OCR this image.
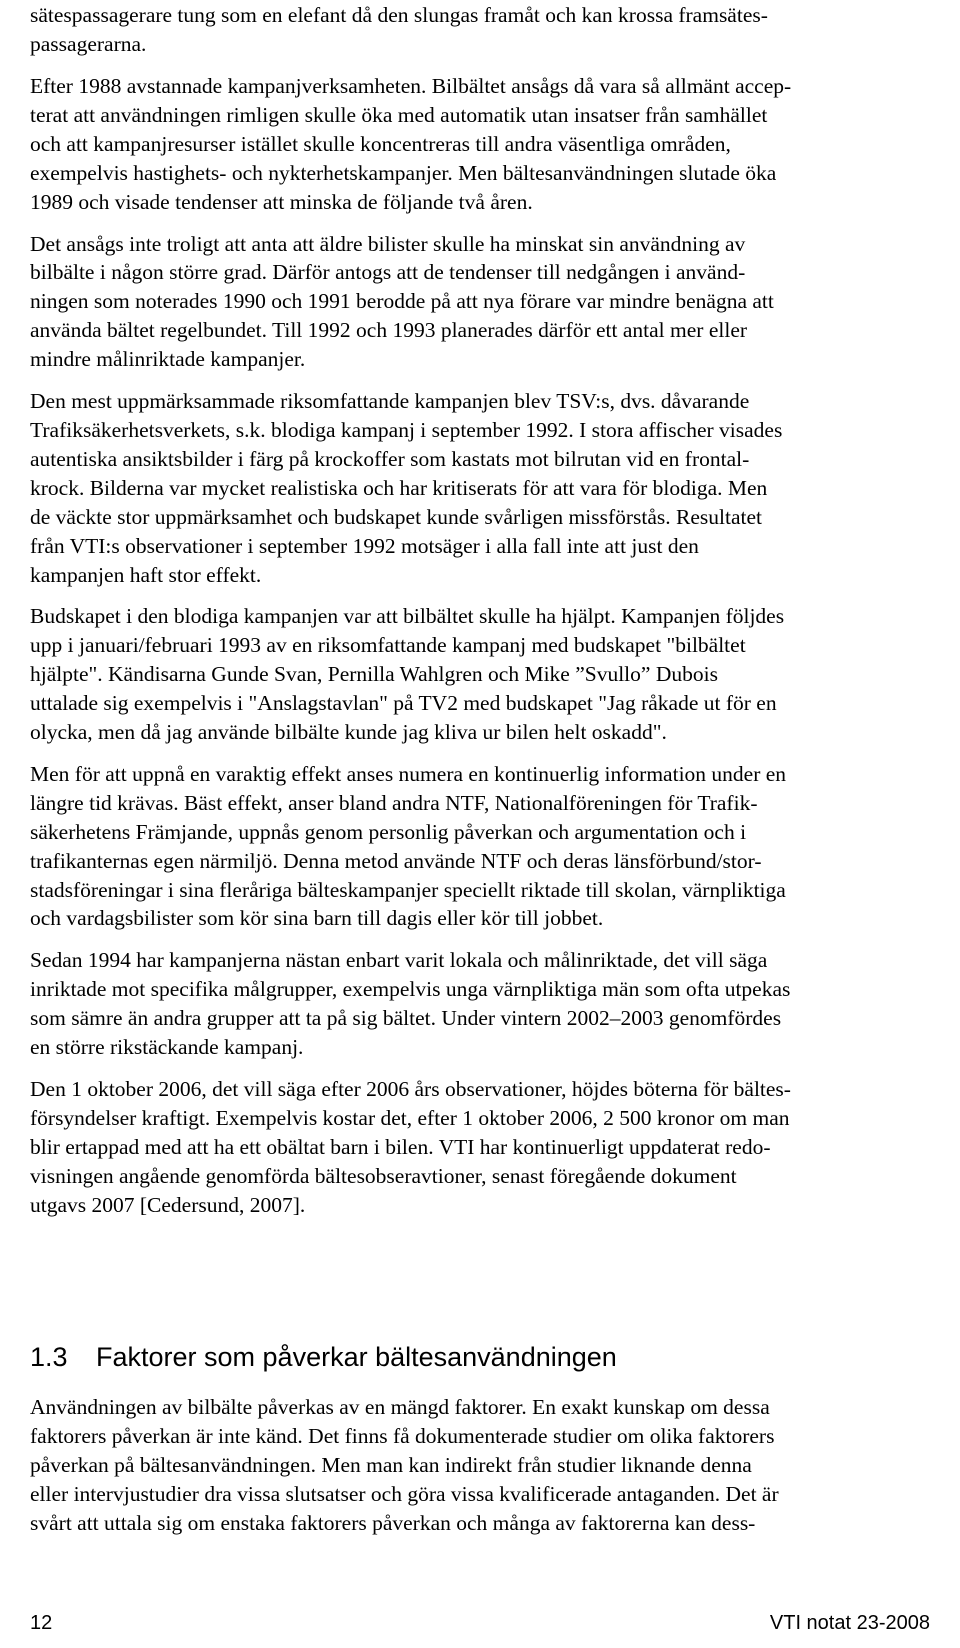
sätespassagerare tung som en elefant då den slungas framåt och kan krossa framsätes-
passagerarna.

Efter 1988 avstannade kampanjverksamheten. Bilbältet ansågs då vara så allmänt accep-
terat att användningen rimligen skulle öka med automatik utan insatser från samhället
och att kampanjresurser istället skulle koncentreras till andra väsentliga områden,
exempelvis hastighets- och nykterhetskampanjer. Men bältesanvändningen slutade öka
1989 och visade tendenser att minska de följande två åren.

Det ansågs inte troligt att anta att äldre bilister skulle ha minskat sin användning av
bilbälte i någon större grad. Därför antogs att de tendenser till nedgången i använd-
ningen som noterades 1990 och 1991 berodde på att nya förare var mindre benägna att
använda bältet regelbundet. Till 1992 och 1993 planerades därför ett antal mer eller
mindre målinriktade kampanjer.

Den mest uppmärksammade riksomfattande kampanjen blev TSV:s, dvs. dåvarande
Trafiksäkerhetsverkets, s.k. blodiga kampanj i september 1992. I stora affischer visades
autentiska ansiktsbilder i färg på krockoffer som kastats mot bilrutan vid en frontal-
krock. Bilderna var mycket realistiska och har kritiserats för att vara för blodiga. Men
de väckte stor uppmärksamhet och budskapet kunde svårligen missförstås. Resultatet
från VTI:s observationer i september 1992 motsäger i alla fall inte att just den
kampanjen haft stor effekt.

Budskapet i den blodiga kampanjen var att bilbältet skulle ha hjälpt. Kampanjen följdes
upp i januari/februari 1993 av en riksomfattande kampanj med budskapet "bilbältet
hjälpte". Kändisarna Gunde Svan, Pernilla Wahlgren och Mike ”Svullo” Dubois
uttalade sig exempelvis i "Anslagstavlan" på TV2 med budskapet "Jag råkade ut för en
olycka, men då jag använde bilbälte kunde jag kliva ur bilen helt oskadd".

Men för att uppnå en varaktig effekt anses numera en kontinuerlig information under en
längre tid krävas. Bäst effekt, anser bland andra NTF, Nationalföreningen för Trafik-
säkerhetens Främjande, uppnås genom personlig påverkan och argumentation och i
trafikanternas egen närmiljö. Denna metod använde NTF och deras länsförbund/stor-
stadsföreningar i sina fleråriga bälteskampanjer speciellt riktade till skolan, värnpliktiga
och vardagsbilister som kör sina barn till dagis eller kör till jobbet.

Sedan 1994 har kampanjerna nästan enbart varit lokala och målinriktade, det vill säga
inriktade mot specifika målgrupper, exempelvis unga värnpliktiga män som ofta utpekas
som sämre än andra grupper att ta på sig bältet. Under vintern 2002–2003 genomfördes
en större rikstäckande kampanj.

Den 1 oktober 2006, det vill säga efter 2006 års observationer, höjdes böterna för bältes-
försyndelser kraftigt. Exempelvis kostar det, efter 1 oktober 2006, 2 500 kronor om man
blir ertappad med att ha ett obältat barn i bilen. VTI har kontinuerligt uppdaterat redo-
visningen angående genomförda bältesobseravtioner, senast föregående dokument
utgavs 2007 [Cedersund, 2007].

1.3 Faktorer som påverkar bältesanvändningen

Användningen av bilbälte påverkas av en mängd faktorer. En exakt kunskap om dessa
faktorers påverkan är inte känd. Det finns få dokumenterade studier om olika faktorers
påverkan på bältesanvändningen. Men man kan indirekt från studier liknande denna
eller intervjustudier dra vissa slutsatser och göra vissa kvalificerade antaganden. Det är
svårt att uttala sig om enstaka faktorers påverkan och många av faktorerna kan dess-

12	VTI notat 23-2008
